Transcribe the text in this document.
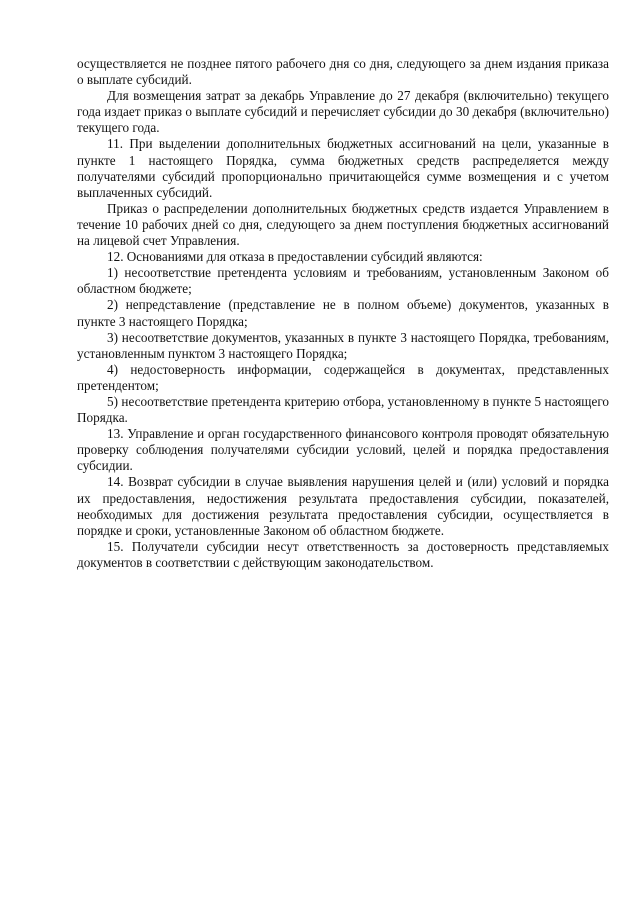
осуществляется не позднее пятого рабочего дня со дня, следующего за днем издания приказа о выплате субсидий.

Для возмещения затрат за декабрь Управление до 27 декабря (включительно) текущего года издает приказ о выплате субсидий и перечисляет субсидии до 30 декабря (включительно) текущего года.

11. При выделении дополнительных бюджетных ассигнований на цели, указанные в пункте 1 настоящего Порядка, сумма бюджетных средств распределяется между получателями субсидий пропорционально причитающейся сумме возмещения и с учетом выплаченных субсидий.

Приказ о распределении дополнительных бюджетных средств издается Управлением в течение 10 рабочих дней со дня, следующего за днем поступления бюджетных ассигнований на лицевой счет Управления.

12. Основаниями для отказа в предоставлении субсидий являются:

1) несоответствие претендента условиям и требованиям, установленным Законом об областном бюджете;

2) непредставление (представление не в полном объеме) документов, указанных в пункте 3 настоящего Порядка;

3) несоответствие документов, указанных в пункте 3 настоящего Порядка, требованиям, установленным пунктом 3 настоящего Порядка;

4) недостоверность информации, содержащейся в документах, представленных претендентом;

5) несоответствие претендента критерию отбора, установленному в пункте 5 настоящего Порядка.

13. Управление и орган государственного финансового контроля проводят обязательную проверку соблюдения получателями субсидии условий, целей и порядка предоставления субсидии.

14. Возврат субсидии в случае выявления нарушения целей и (или) условий и порядка их предоставления, недостижения результата предоставления субсидии, показателей, необходимых для достижения результата предоставления субсидии, осуществляется в порядке и сроки, установленные Законом об областном бюджете.

15. Получатели субсидии несут ответственность за достоверность представляемых документов в соответствии с действующим законодательством.
